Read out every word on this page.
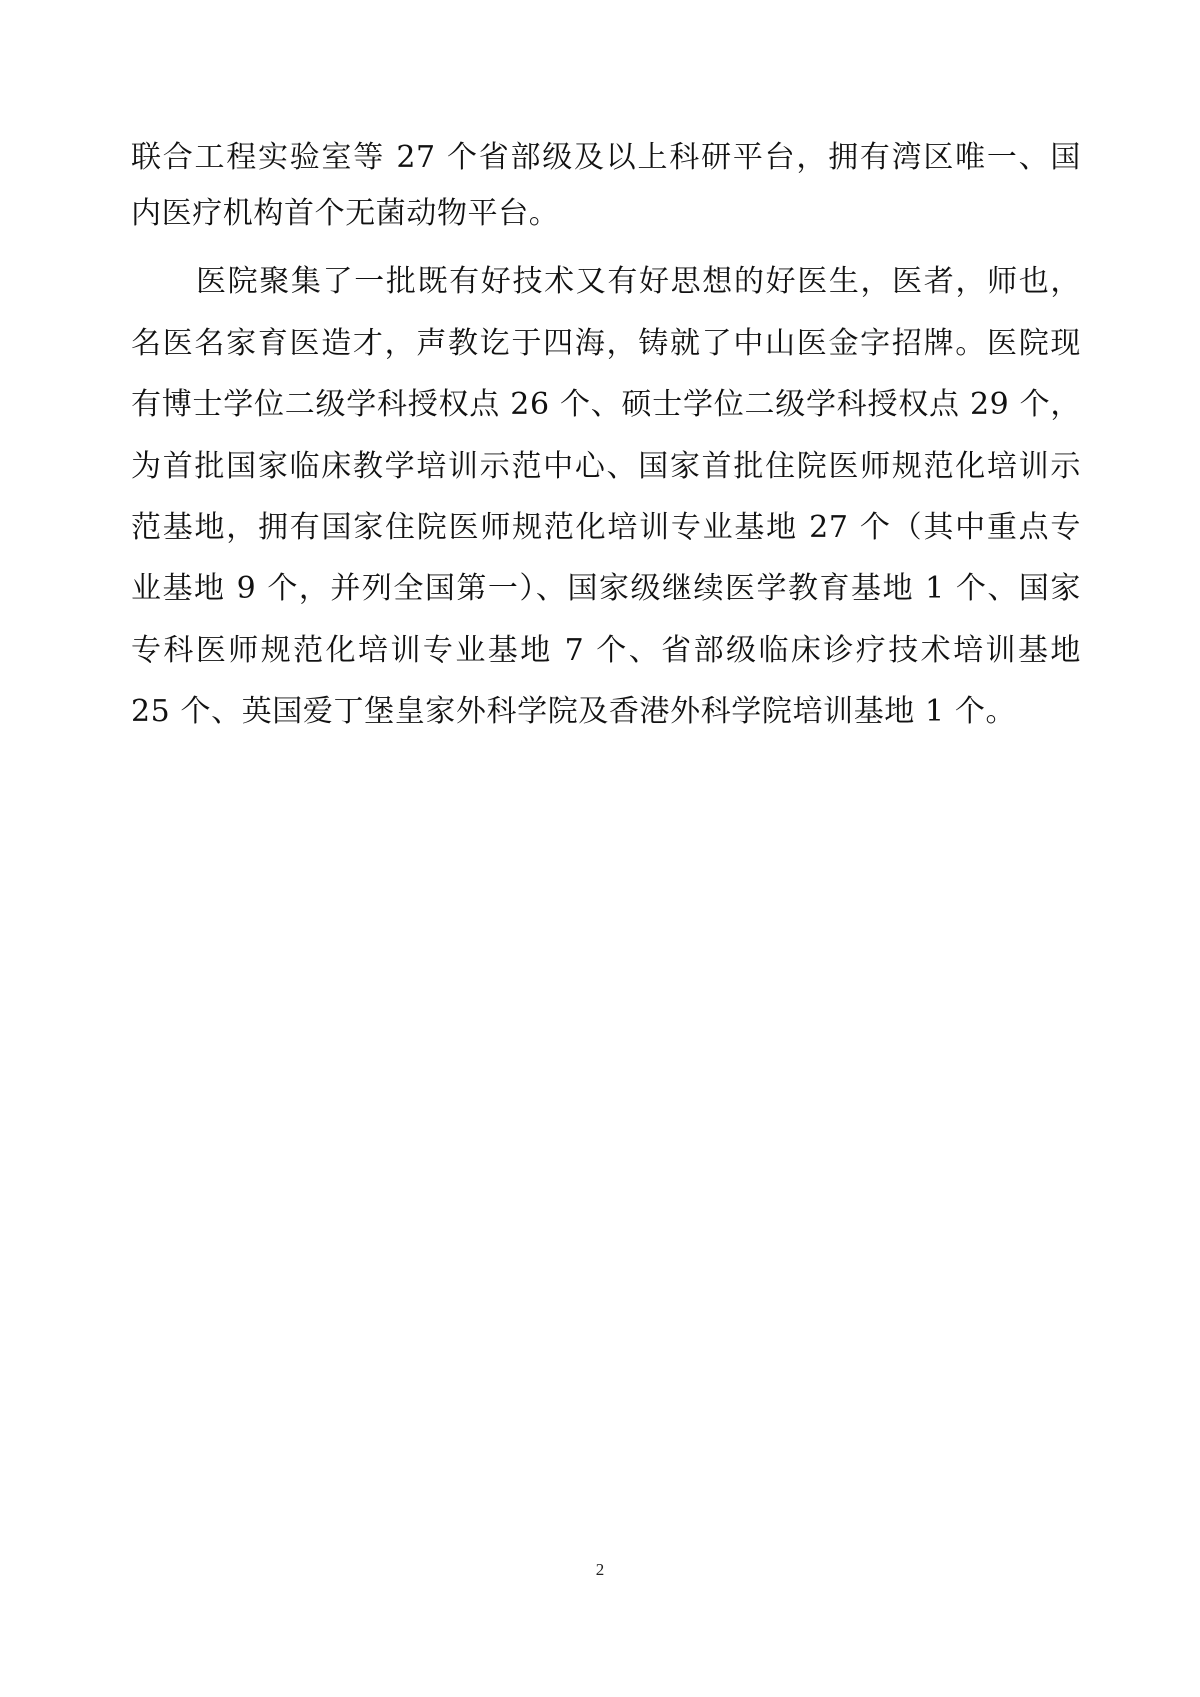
联合工程实验室等 27 个省部级及以上科研平台，拥有湾区唯一、国
内医疗机构首个无菌动物平台。
医院聚集了一批既有好技术又有好思想的好医生，医者，师也，
名医名家育医造才，声教讫于四海，铸就了中山医金字招牌。医院现
有博士学位二级学科授权点 26 个、硕士学位二级学科授权点 29 个，
为首批国家临床教学培训示范中心、国家首批住院医师规范化培训示
范基地，拥有国家住院医师规范化培训专业基地 27 个（其中重点专
业基地 9 个，并列全国第一）、国家级继续医学教育基地 1 个、国家
专科医师规范化培训专业基地 7 个、省部级临床诊疗技术培训基地
25 个、英国爱丁堡皇家外科学院及香港外科学院培训基地 1 个。
2
